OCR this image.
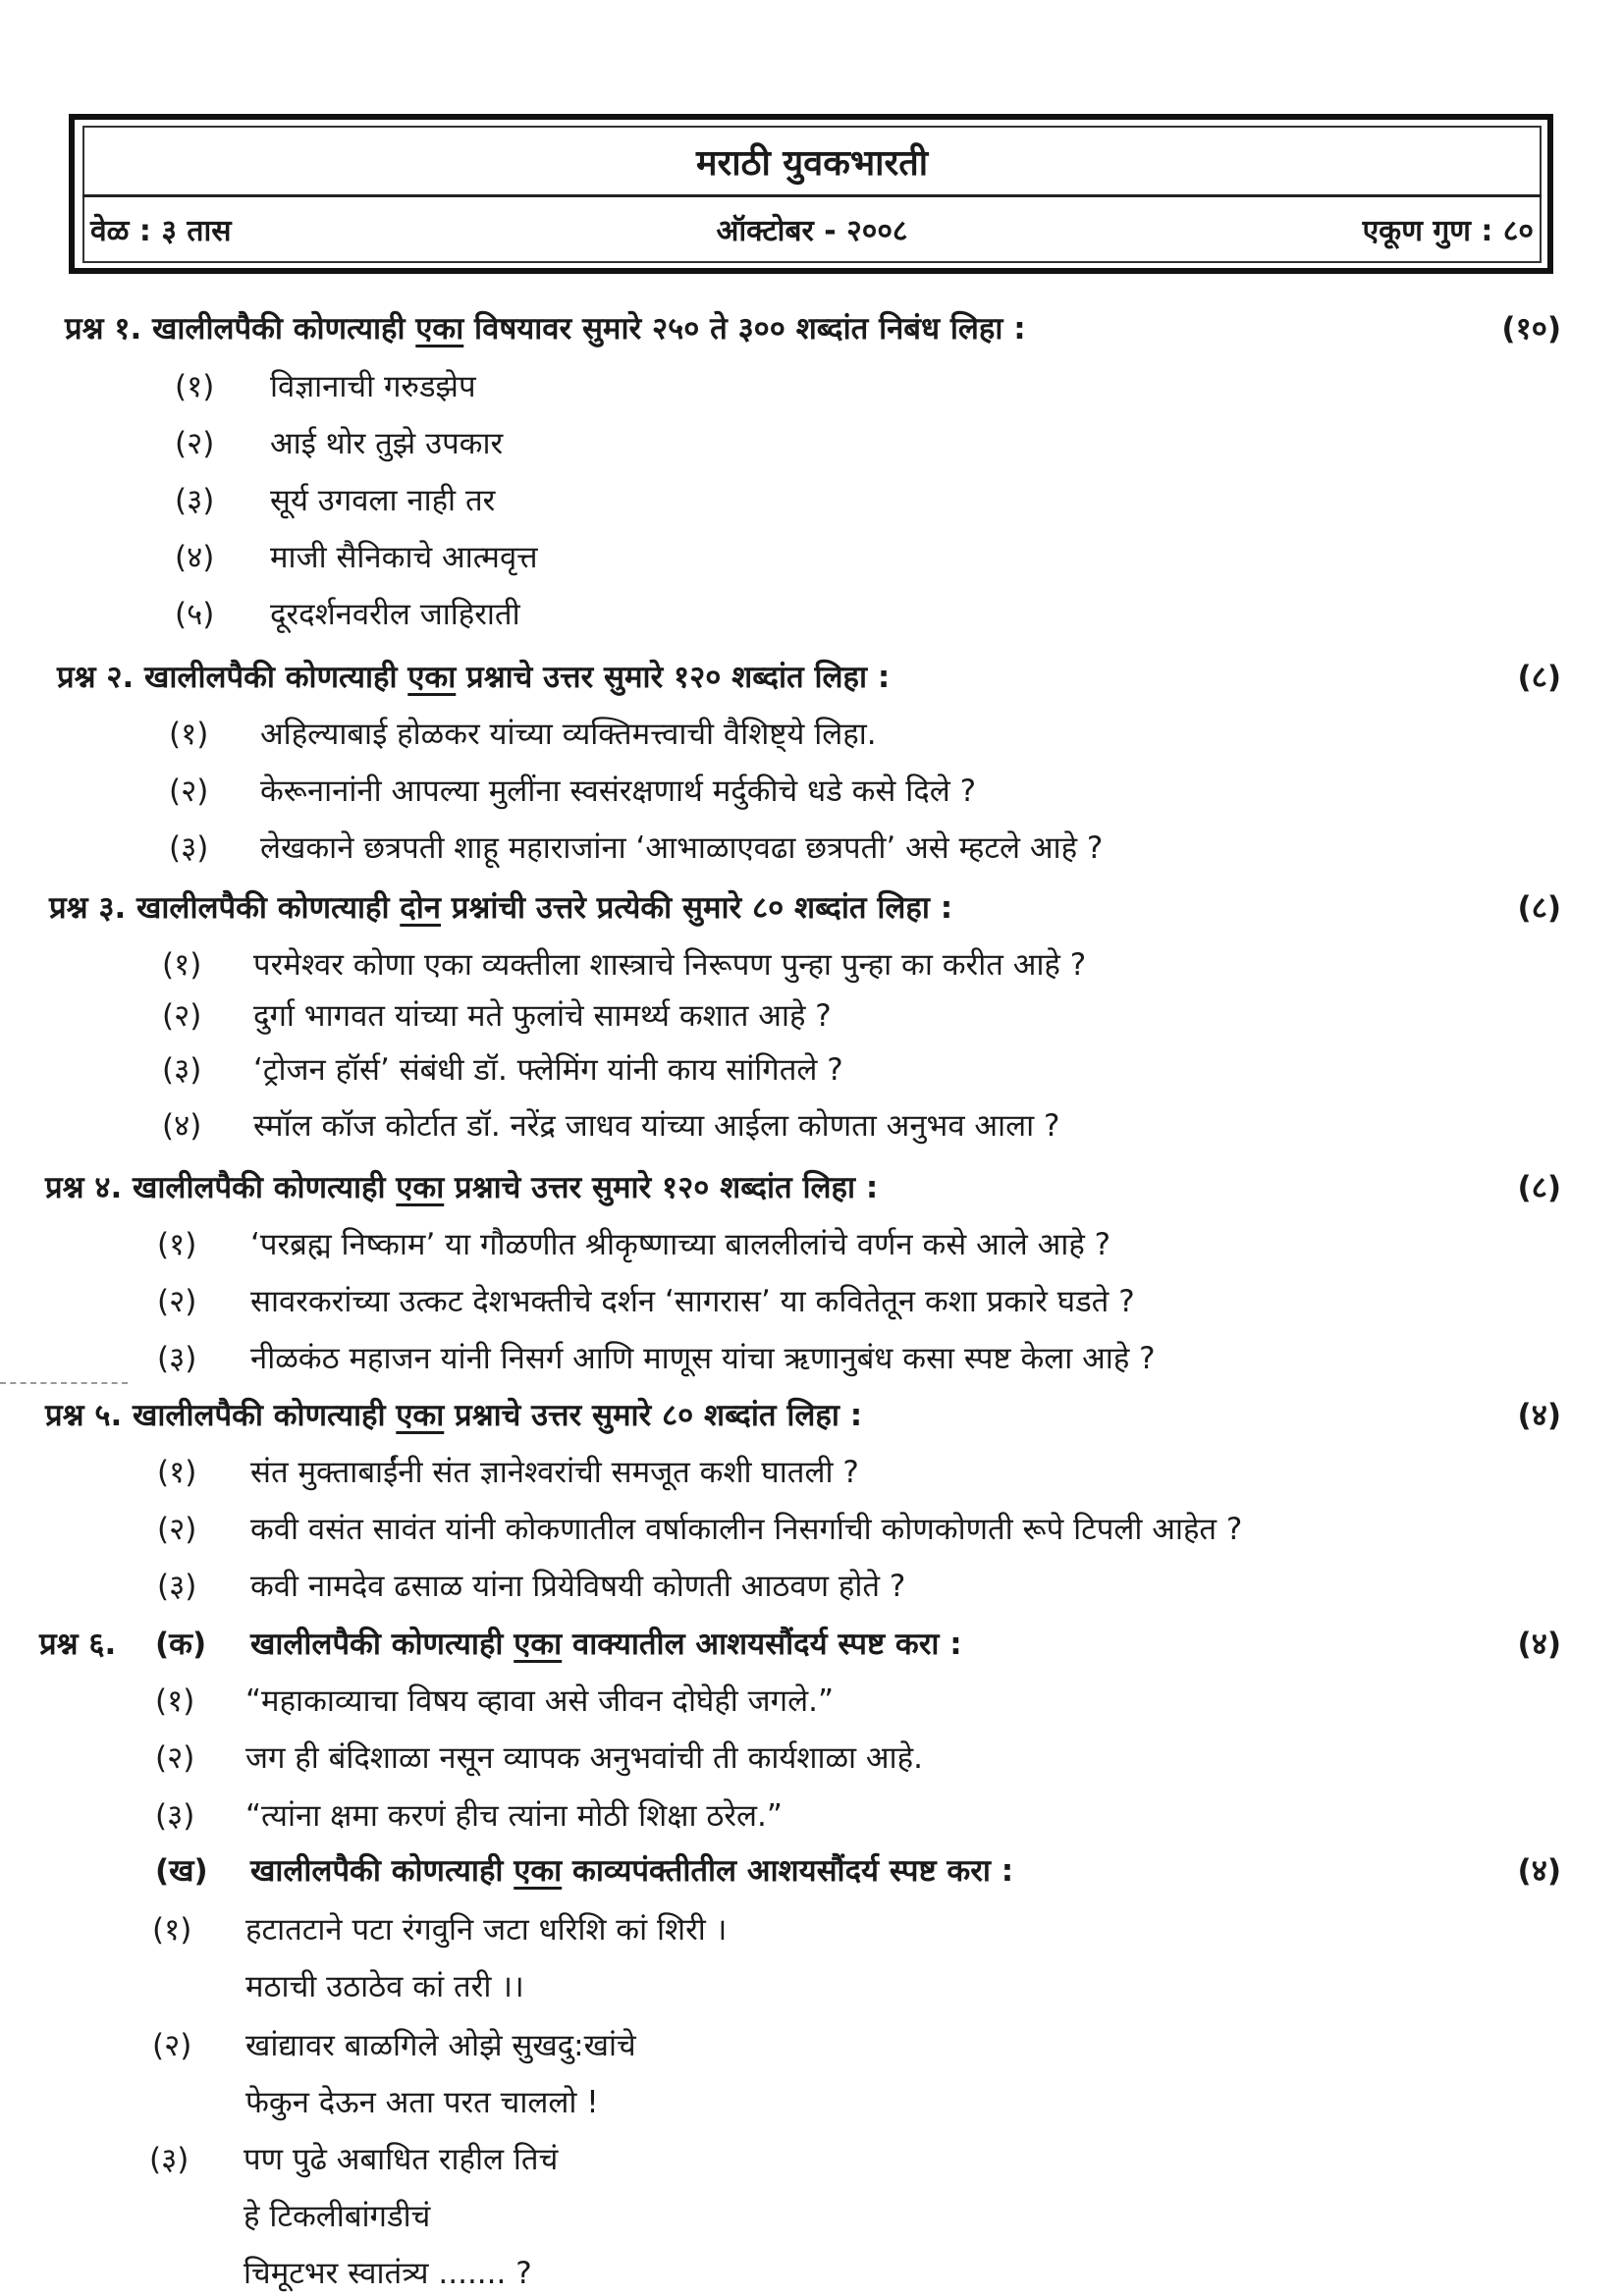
मराठी युवकभारती
वेळ : ३ तास	ऑक्टोबर - २००८	एकूण गुण : ८०
प्रश्न १. खालीलपैकी कोणत्याही एका विषयावर सुमारे २५० ते ३०० शब्दांत निबंध लिहा :	(१०)
(१) विज्ञानाची गरुडझेप
(२) आई थोर तुझे उपकार
(३) सूर्य उगवला नाही तर
(४) माजी सैनिकाचे आत्मवृत्त
(५) दूरदर्शनवरील जाहिराती
प्रश्न २. खालीलपैकी कोणत्याही एका प्रश्नाचे उत्तर सुमारे १२० शब्दांत लिहा :	(८)
(१) अहिल्याबाई होळकर यांच्या व्यक्तिमत्त्वाची वैशिष्ट्ये लिहा.
(२) केरूनानांनी आपल्या मुलींना स्वसंरक्षणार्थ मर्दुकीचे धडे कसे दिले ?
(३) लेखकाने छत्रपती शाहू महाराजांना ‘आभाळाएवढा छत्रपती’ असे म्हटले आहे ?
प्रश्न ३. खालीलपैकी कोणत्याही दोन प्रश्नांची उत्तरे प्रत्येकी सुमारे ८० शब्दांत लिहा :	(८)
(१) परमेश्वर कोणा एका व्यक्तीला शास्त्राचे निरूपण पुन्हा पुन्हा का करीत आहे ?
(२) दुर्गा भागवत यांच्या मते फुलांचे सामर्थ्य कशात आहे ?
(३) ‘ट्रोजन हॉर्स’ संबंधी डॉ. फ्लेमिंग यांनी काय सांगितले ?
(४) स्मॉल कॉज कोर्टात डॉ. नरेंद्र जाधव यांच्या आईला कोणता अनुभव आला ?
प्रश्न ४. खालीलपैकी कोणत्याही एका प्रश्नाचे उत्तर सुमारे १२० शब्दांत लिहा :	(८)
(१) ‘परब्रह्म निष्काम’ या गौळणीत श्रीकृष्णाच्या बाललीलांचे वर्णन कसे आले आहे ?
(२) सावरकरांच्या उत्कट देशभक्तीचे दर्शन ‘सागरास’ या कवितेतून कशा प्रकारे घडते ?
(३) नीळकंठ महाजन यांनी निसर्ग आणि माणूस यांचा ऋणानुबंध कसा स्पष्ट केला आहे ?
प्रश्न ५. खालीलपैकी कोणत्याही एका प्रश्नाचे उत्तर सुमारे ८० शब्दांत लिहा :	(४)
(१) संत मुक्ताबाईंनी संत ज्ञानेश्वरांची समजूत कशी घातली ?
(२) कवी वसंत सावंत यांनी कोकणातील वर्षाकालीन निसर्गाची कोणकोणती रूपे टिपली आहेत ?
(३) कवी नामदेव ढसाळ यांना प्रियेविषयी कोणती आठवण होते ?
प्रश्न ६. (क) खालीलपैकी कोणत्याही एका वाक्यातील आशयसौंदर्य स्पष्ट करा :	(४)
(१) “महाकाव्याचा विषय व्हावा असे जीवन दोघेही जगले.”
(२) जग ही बंदिशाळा नसून व्यापक अनुभवांची ती कार्यशाळा आहे.
(३) “त्यांना क्षमा करणं हीच त्यांना मोठी शिक्षा ठरेल.”
(ख) खालीलपैकी कोणत्याही एका काव्यपंक्तीतील आशयसौंदर्य स्पष्ट करा :	(४)
(१) हटातटाने पटा रंगवुनि जटा धरिशि कां शिरी ।
मठाची उठाठेव कां तरी ।।
(२) खांद्यावर बाळगिले ओझे सुखदु:खांचे
फेकुन देऊन अता परत चाललो !
(३) पण पुढे अबाधित राहील तिचं
हे टिकलीबांगडीचं
चिमूटभर स्वातंत्र्य ....... ?
